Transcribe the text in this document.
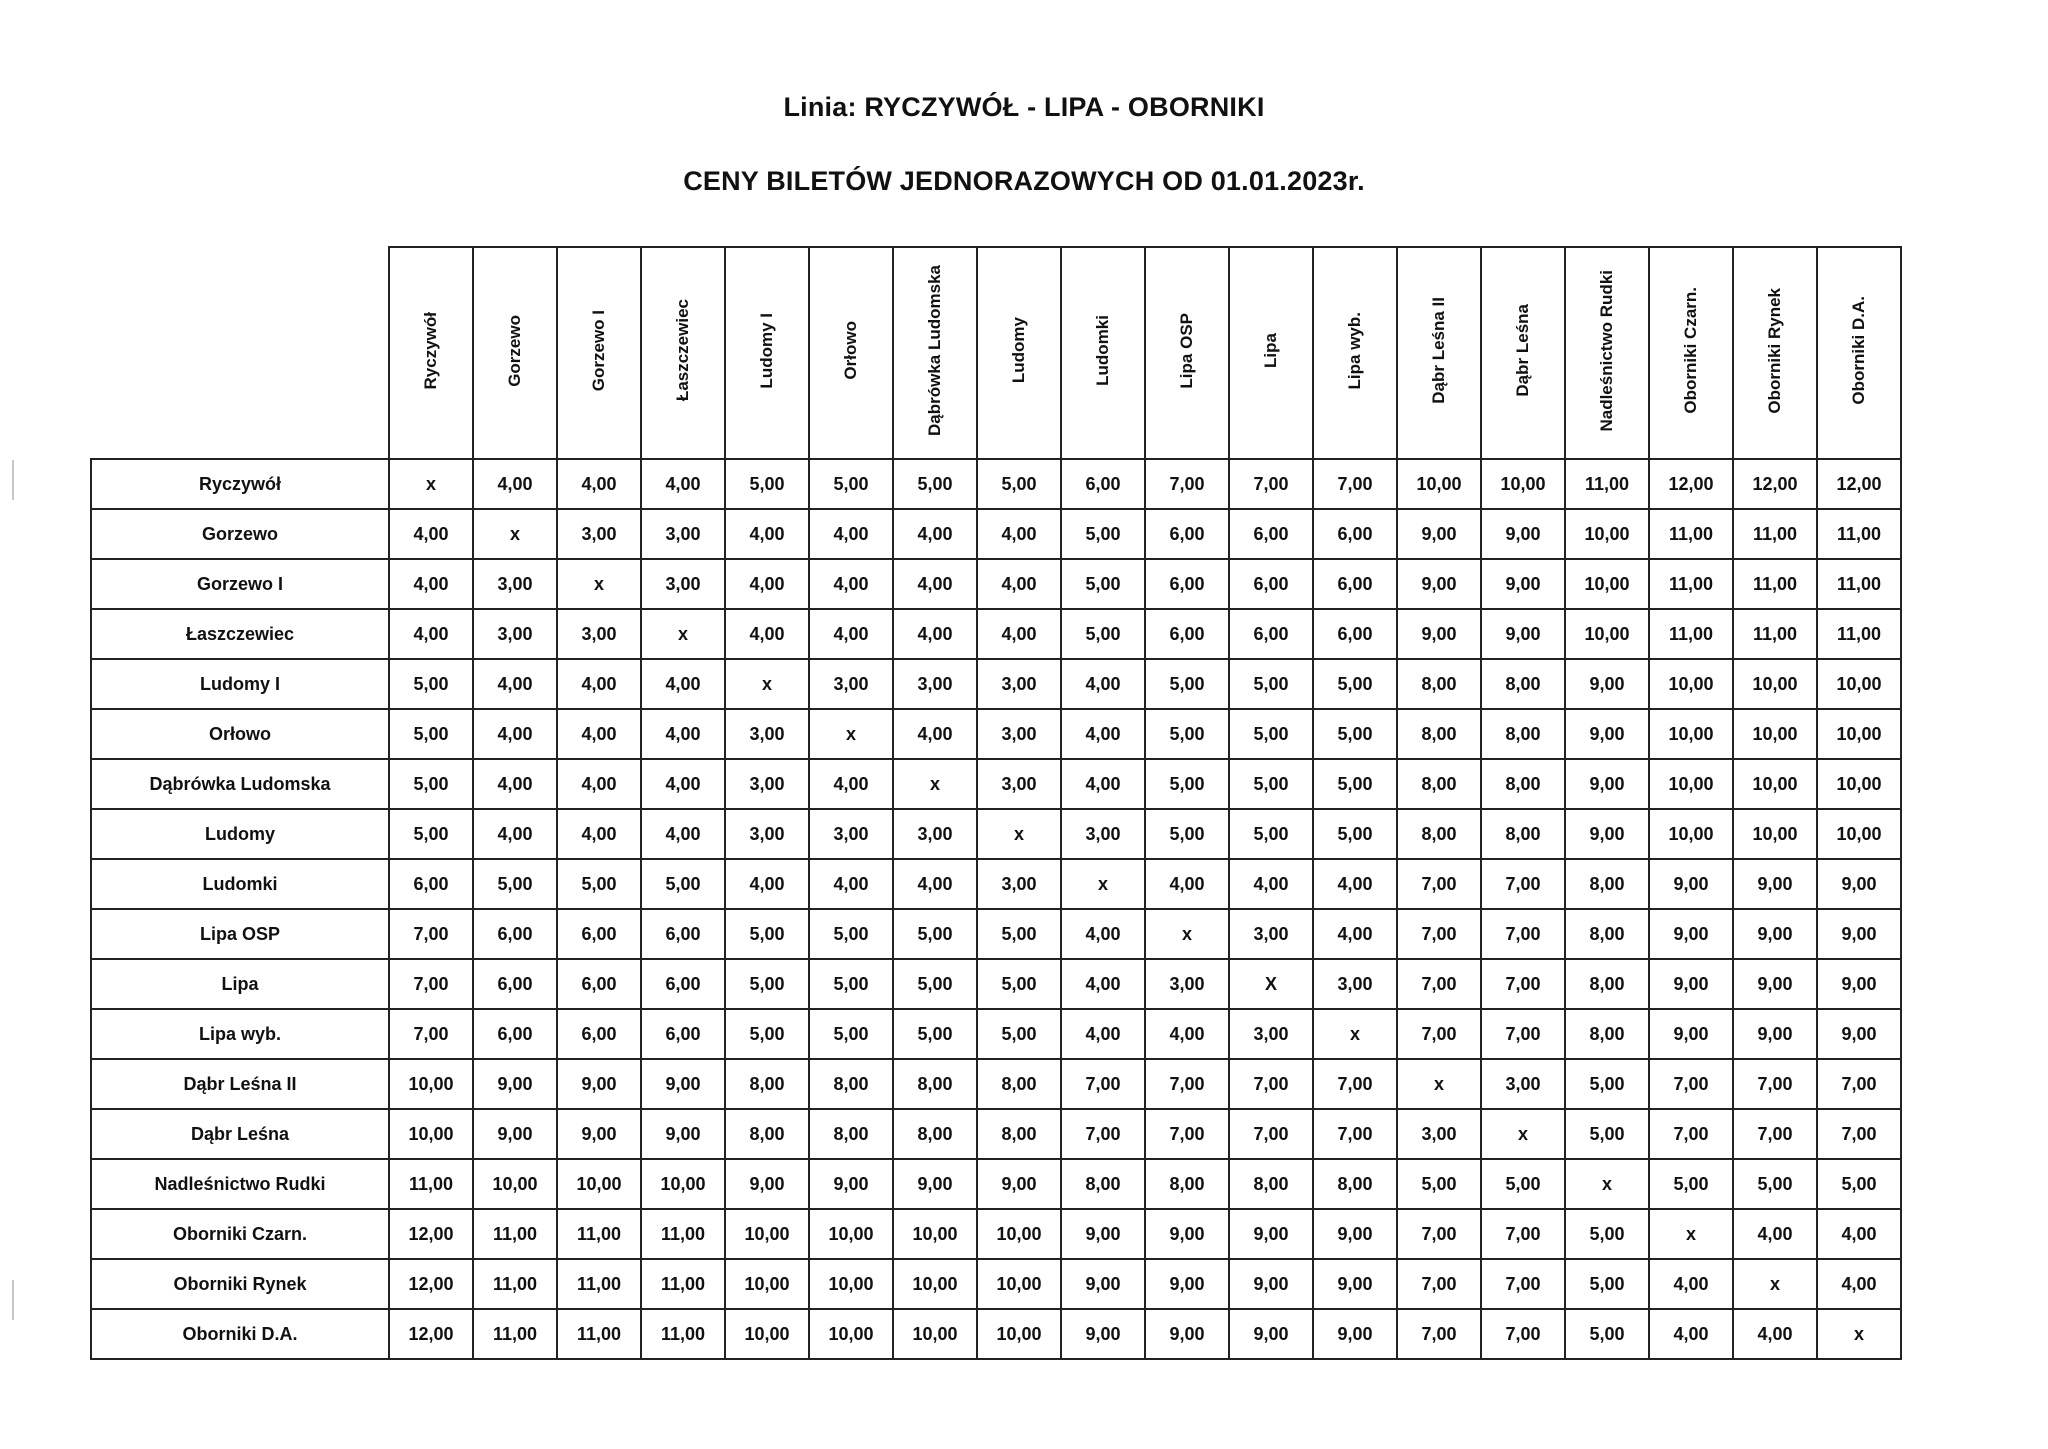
Linia: RYCZYWÓŁ - LIPA - OBORNIKI
CENY BILETÓW JEDNORAZOWYCH OD 01.01.2023r.
	Ryczywół	Gorzewo	Gorzewo I	Łaszczewiec	Ludomy I	Orłowo	Dąbrówka Ludomska	Ludomy	Ludomki	Lipa OSP	Lipa	Lipa wyb.	Dąbr Leśna II	Dąbr Leśna	Nadleśnictwo Rudki	Oborniki Czarn.	Oborniki Rynek	Oborniki D.A.
Ryczywół	x	4,00	4,00	4,00	5,00	5,00	5,00	5,00	6,00	7,00	7,00	7,00	10,00	10,00	11,00	12,00	12,00	12,00
Gorzewo	4,00	x	3,00	3,00	4,00	4,00	4,00	4,00	5,00	6,00	6,00	6,00	9,00	9,00	10,00	11,00	11,00	11,00
Gorzewo I	4,00	3,00	x	3,00	4,00	4,00	4,00	4,00	5,00	6,00	6,00	6,00	9,00	9,00	10,00	11,00	11,00	11,00
Łaszczewiec	4,00	3,00	3,00	x	4,00	4,00	4,00	4,00	5,00	6,00	6,00	6,00	9,00	9,00	10,00	11,00	11,00	11,00
Ludomy I	5,00	4,00	4,00	4,00	x	3,00	3,00	3,00	4,00	5,00	5,00	5,00	8,00	8,00	9,00	10,00	10,00	10,00
Orłowo	5,00	4,00	4,00	4,00	3,00	x	4,00	3,00	4,00	5,00	5,00	5,00	8,00	8,00	9,00	10,00	10,00	10,00
Dąbrówka Ludomska	5,00	4,00	4,00	4,00	3,00	4,00	x	3,00	4,00	5,00	5,00	5,00	8,00	8,00	9,00	10,00	10,00	10,00
Ludomy	5,00	4,00	4,00	4,00	3,00	3,00	3,00	x	3,00	5,00	5,00	5,00	8,00	8,00	9,00	10,00	10,00	10,00
Ludomki	6,00	5,00	5,00	5,00	4,00	4,00	4,00	3,00	x	4,00	4,00	4,00	7,00	7,00	8,00	9,00	9,00	9,00
Lipa OSP	7,00	6,00	6,00	6,00	5,00	5,00	5,00	5,00	4,00	x	3,00	4,00	7,00	7,00	8,00	9,00	9,00	9,00
Lipa	7,00	6,00	6,00	6,00	5,00	5,00	5,00	5,00	4,00	3,00	X	3,00	7,00	7,00	8,00	9,00	9,00	9,00
Lipa wyb.	7,00	6,00	6,00	6,00	5,00	5,00	5,00	5,00	4,00	4,00	3,00	x	7,00	7,00	8,00	9,00	9,00	9,00
Dąbr Leśna II	10,00	9,00	9,00	9,00	8,00	8,00	8,00	8,00	7,00	7,00	7,00	7,00	x	3,00	5,00	7,00	7,00	7,00
Dąbr Leśna	10,00	9,00	9,00	9,00	8,00	8,00	8,00	8,00	7,00	7,00	7,00	7,00	3,00	x	5,00	7,00	7,00	7,00
Nadleśnictwo Rudki	11,00	10,00	10,00	10,00	9,00	9,00	9,00	9,00	8,00	8,00	8,00	8,00	5,00	5,00	x	5,00	5,00	5,00
Oborniki Czarn.	12,00	11,00	11,00	11,00	10,00	10,00	10,00	10,00	9,00	9,00	9,00	9,00	7,00	7,00	5,00	x	4,00	4,00
Oborniki Rynek	12,00	11,00	11,00	11,00	10,00	10,00	10,00	10,00	9,00	9,00	9,00	9,00	7,00	7,00	5,00	4,00	x	4,00
Oborniki D.A.	12,00	11,00	11,00	11,00	10,00	10,00	10,00	10,00	9,00	9,00	9,00	9,00	7,00	7,00	5,00	4,00	4,00	x
